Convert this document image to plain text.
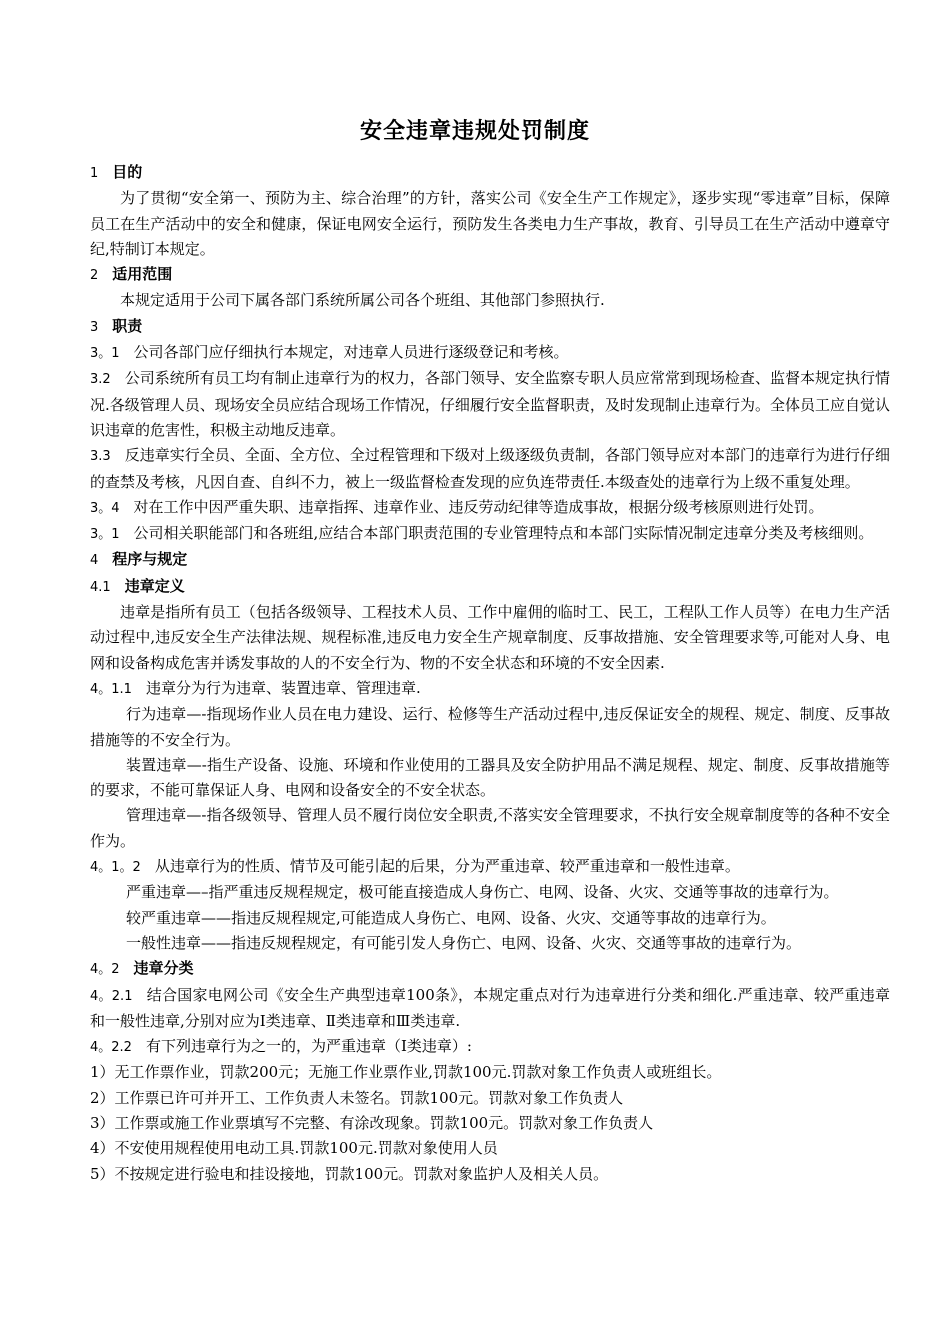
安全违章违规处罚制度

1 目的

为了贯彻“安全第一、预防为主、综合治理”的方针，落实公司《安全生产工作规定》，逐步实现“零违章”目标，保障员工在生产活动中的安全和健康，保证电网安全运行，预防发生各类电力生产事故，教育、引导员工在生产活动中遵章守纪,特制订本规定。

2 适用范围

本规定适用于公司下属各部门系统所属公司各个班组、其他部门参照执行.

3 职责

3。1 公司各部门应仔细执行本规定，对违章人员进行逐级登记和考核。

3.2 公司系统所有员工均有制止违章行为的权力，各部门领导、安全监察专职人员应常常到现场检查、监督本规定执行情况.各级管理人员、现场安全员应结合现场工作情况，仔细履行安全监督职责，及时发现制止违章行为。全体员工应自觉认识违章的危害性，积极主动地反违章。

3.3 反违章实行全员、全面、全方位、全过程管理和下级对上级逐级负责制，各部门领导应对本部门的违章行为进行仔细的查禁及考核，凡因自查、自纠不力，被上一级监督检查发现的应负连带责任.本级查处的违章行为上级不重复处理。

3。4 对在工作中因严重失职、违章指挥、违章作业、违反劳动纪律等造成事故，根据分级考核原则进行处罚。

3。1 公司相关职能部门和各班组,应结合本部门职责范围的专业管理特点和本部门实际情况制定违章分类及考核细则。

4 程序与规定

4.1 违章定义

违章是指所有员工（包括各级领导、工程技术人员、工作中雇佣的临时工、民工，工程队工作人员等）在电力生产活动过程中,违反安全生产法律法规、规程标准,违反电力安全生产规章制度、反事故措施、安全管理要求等,可能对人身、电网和设备构成危害并诱发事故的人的不安全行为、物的不安全状态和环境的不安全因素.

4。1.1 违章分为行为违章、装置违章、管理违章.

行为违章—-指现场作业人员在电力建设、运行、检修等生产活动过程中,违反保证安全的规程、规定、制度、反事故措施等的不安全行为。

装置违章—-指生产设备、设施、环境和作业使用的工器具及安全防护用品不满足规程、规定、制度、反事故措施等的要求，不能可靠保证人身、电网和设备安全的不安全状态。

管理违章—-指各级领导、管理人员不履行岗位安全职责,不落实安全管理要求，不执行安全规章制度等的各种不安全作为。

4。1。2 从违章行为的性质、情节及可能引起的后果，分为严重违章、较严重违章和一般性违章。

严重违章—–指严重违反规程规定，极可能直接造成人身伤亡、电网、设备、火灾、交通等事故的违章行为。

较严重违章——指违反规程规定,可能造成人身伤亡、电网、设备、火灾、交通等事故的违章行为。

一般性违章——指违反规程规定，有可能引发人身伤亡、电网、设备、火灾、交通等事故的违章行为。

4。2 违章分类

4。2.1 结合国家电网公司《安全生产典型违章100条》，本规定重点对行为违章进行分类和细化.严重违章、较严重违章和一般性违章,分别对应为Ⅰ类违章、Ⅱ类违章和Ⅲ类违章.

4。2.2 有下列违章行为之一的，为严重违章（Ⅰ类违章）:

1）无工作票作业，罚款200元；无施工作业票作业,罚款100元.罚款对象工作负责人或班组长。

2）工作票已许可并开工、工作负责人未签名。罚款100元。罚款对象工作负责人

3）工作票或施工作业票填写不完整、有涂改现象。罚款100元。罚款对象工作负责人

4）不安使用规程使用电动工具.罚款100元.罚款对象使用人员

5）不按规定进行验电和挂设接地，罚款100元。罚款对象监护人及相关人员。
